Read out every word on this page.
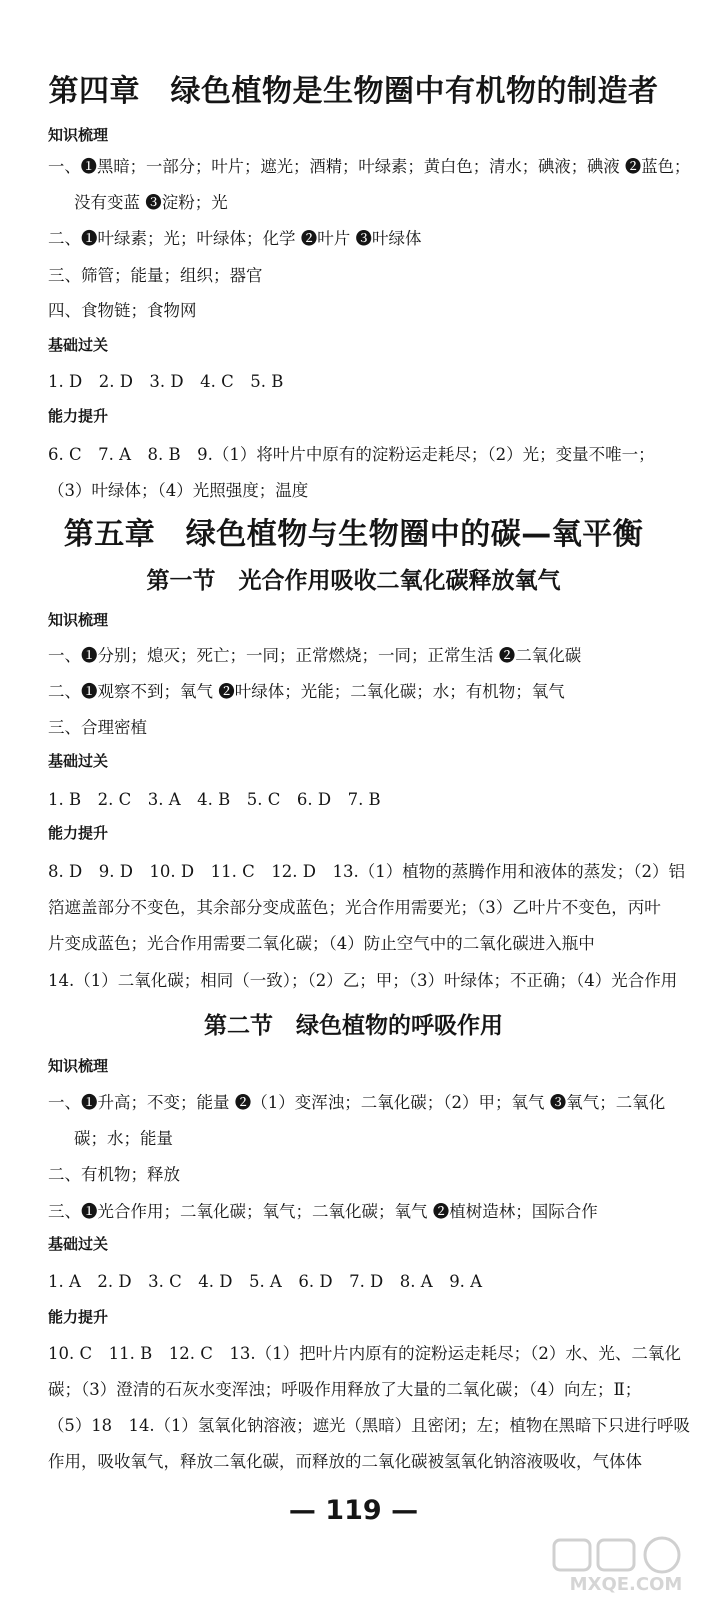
第四章　绿色植物是生物圈中有机物的制造者
知识梳理
一、❶黑暗；一部分；叶片；遮光；酒精；叶绿素；黄白色；清水；碘液；碘液 ❷蓝色；
没有变蓝 ❸淀粉；光
二、❶叶绿素；光；叶绿体；化学 ❷叶片 ❸叶绿体
三、筛管；能量；组织；器官
四、食物链；食物网
基础过关
1. D　2. D　3. D　4. C　5. B
能力提升
6. C　7. A　8. B　9.（1）将叶片中原有的淀粉运走耗尽；（2）光；变量不唯一；
（3）叶绿体；（4）光照强度；温度
第五章　绿色植物与生物圈中的碳—氧平衡
第一节　光合作用吸收二氧化碳释放氧气
知识梳理
一、❶分别；熄灭；死亡；一同；正常燃烧；一同；正常生活 ❷二氧化碳
二、❶观察不到；氧气 ❷叶绿体；光能；二氧化碳；水；有机物；氧气
三、合理密植
基础过关
1. B　2. C　3. A　4. B　5. C　6. D　7. B
能力提升
8. D　9. D　10. D　11. C　12. D　13.（1）植物的蒸腾作用和液体的蒸发；（2）铝
箔遮盖部分不变色，其余部分变成蓝色；光合作用需要光；（3）乙叶片不变色，丙叶
片变成蓝色；光合作用需要二氧化碳；（4）防止空气中的二氧化碳进入瓶中
14.（1）二氧化碳；相同（一致）；（2）乙；甲；（3）叶绿体；不正确；（4）光合作用
第二节　绿色植物的呼吸作用
知识梳理
一、❶升高；不变；能量 ❷（1）变浑浊；二氧化碳；（2）甲；氧气 ❸氧气；二氧化
碳；水；能量
二、有机物；释放
三、❶光合作用；二氧化碳；氧气；二氧化碳；氧气 ❷植树造林；国际合作
基础过关
1. A　2. D　3. C　4. D　5. A　6. D　7. D　8. A　9. A
能力提升
10. C　11. B　12. C　13.（1）把叶片内原有的淀粉运走耗尽；（2）水、光、二氧化
碳；（3）澄清的石灰水变浑浊；呼吸作用释放了大量的二氧化碳；（4）向左；Ⅱ；
（5）18　14.（1）氢氧化钠溶液；遮光（黑暗）且密闭；左；植物在黑暗下只进行呼吸
作用，吸收氧气，释放二氧化碳，而释放的二氧化碳被氢氧化钠溶液吸收，气体体
— 119 —
MXQE.COM
